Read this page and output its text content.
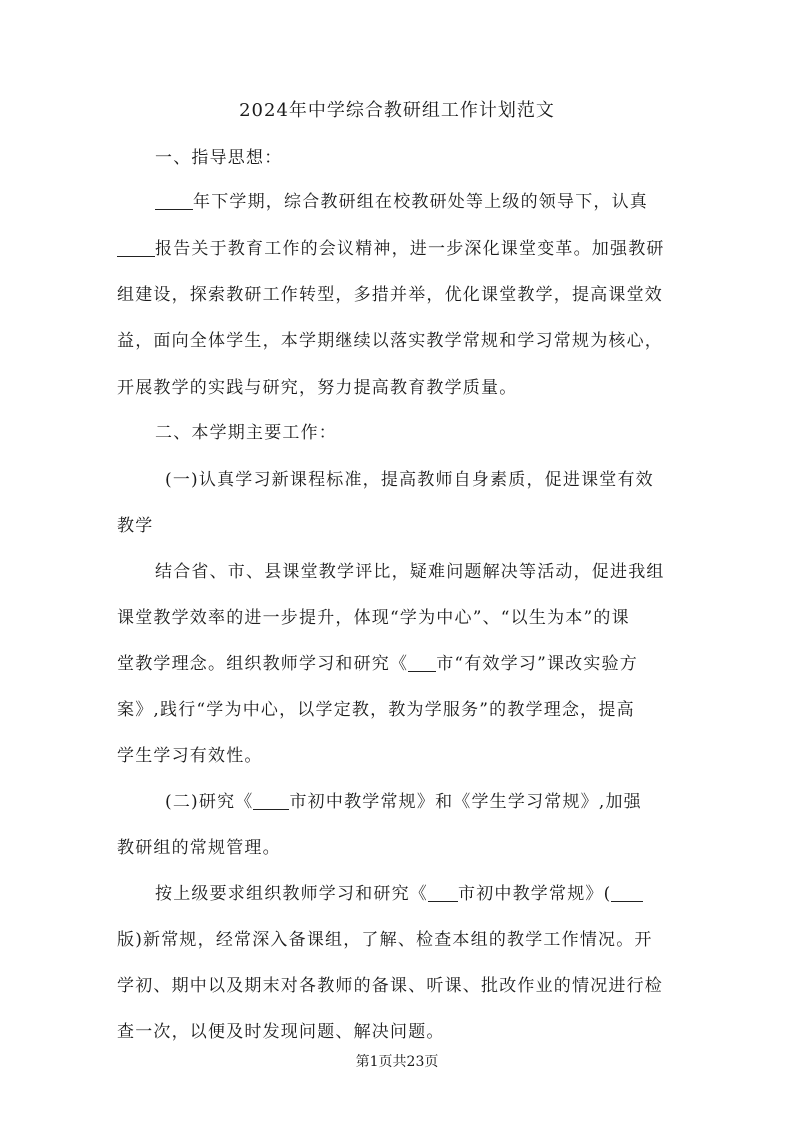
2024年中学综合教研组工作计划范文

一、指导思想：

年下学期，综合教研组在校教研处等上级的领导下，认真

报告关于教育工作的会议精神，进一步深化课堂变革。加强教研

组建设，探索教研工作转型，多措并举，优化课堂教学，提高课堂效

益，面向全体学生，本学期继续以落实教学常规和学习常规为核心，

开展教学的实践与研究，努力提高教育教学质量。

二、本学期主要工作：

(一)认真学习新课程标准，提高教师自身素质，促进课堂有效

教学

结合省、市、县课堂教学评比，疑难问题解决等活动，促进我组

课堂教学效率的进一步提升，体现“学为中心”、“以生为本”的课

堂教学理念。组织教师学习和研究《 市“有效学习”课改实验方

案》,践行“学为中心，以学定教，教为学服务”的教学理念，提高

学生学习有效性。

(二)研究《 市初中教学常规》和《学生学习常规》,加强

教研组的常规管理。

按上级要求组织教师学习和研究《 市初中教学常规》(

版)新常规，经常深入备课组，了解、检查本组的教学工作情况。开

学初、期中以及期末对各教师的备课、听课、批改作业的情况进行检

查一次，以便及时发现问题、解决问题。

第1页共23页
